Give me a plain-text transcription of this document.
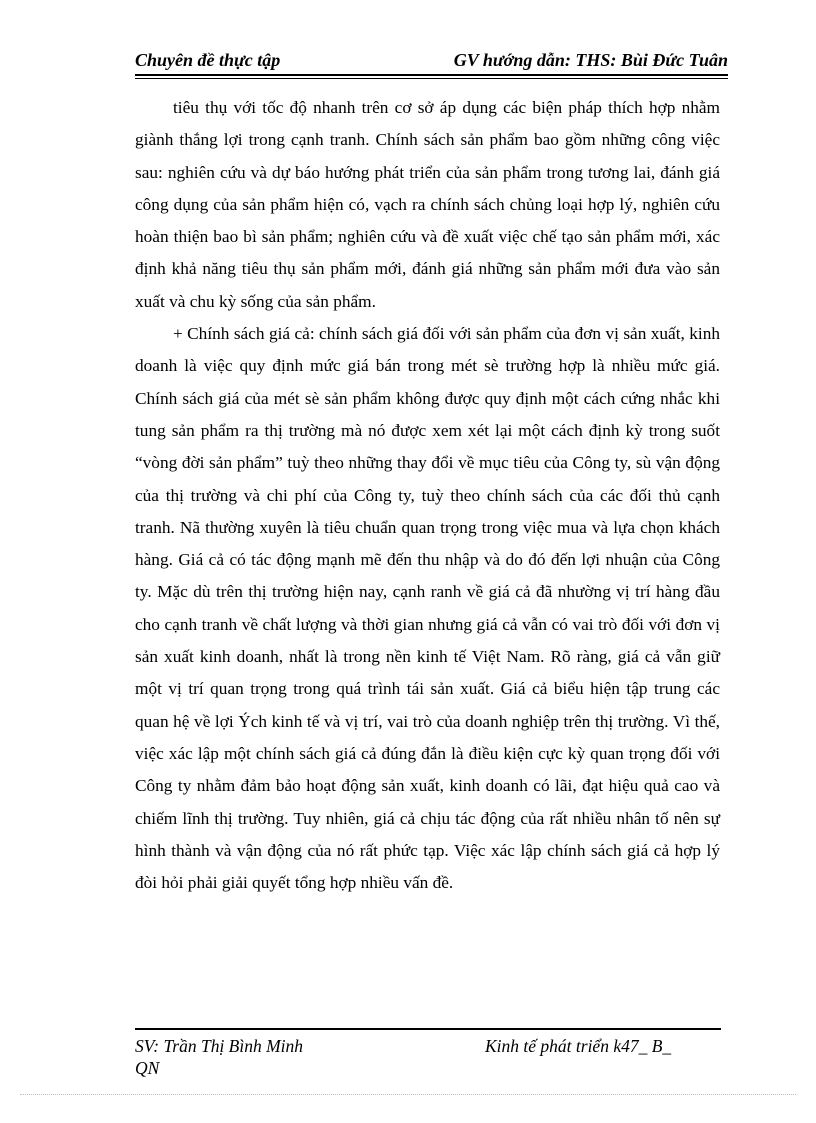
Chuyên đề thực tập	GV hướng dẫn: THS: Bùi Đức Tuân

tiêu thụ với tốc độ nhanh trên cơ sở áp dụng các biện pháp thích hợp nhằm giành thắng lợi trong cạnh tranh. Chính sách sản phẩm bao gồm những công việc sau: nghiên cứu và dự báo hướng phát triển của sản phẩm trong tương lai, đánh giá công dụng của sản phẩm hiện có, vạch ra chính sách chủng loại hợp lý, nghiên cứu hoàn thiện bao bì sản phẩm; nghiên cứu và đề xuất việc chế tạo sản phẩm mới, xác định khả năng tiêu thụ sản phẩm mới, đánh giá những sản phẩm mới đưa vào sản xuất và chu kỳ sống của sản phẩm.

+ Chính sách giá cả: chính sách giá đối với sản phẩm của đơn vị sản xuất, kinh doanh là việc quy định mức giá bán trong mét sè trường hợp là nhiều mức giá. Chính sách giá của mét sè sản phẩm không được quy định một cách cứng nhắc khi tung sản phẩm ra thị trường mà nó được xem xét lại một cách định kỳ trong suốt “vòng đời sản phẩm” tuỳ theo những thay đổi về mục tiêu của Công ty, sù vận động của thị trường và chi phí của Công ty, tuỳ theo chính sách của các đối thủ cạnh tranh. Nã thường xuyên là tiêu chuẩn quan trọng trong việc mua và lựa chọn khách hàng. Giá cả có tác động mạnh mẽ đến thu nhập và do đó đến lợi nhuận của Công ty. Mặc dù trên thị trường hiện nay, cạnh ranh về giá cả đã nhường vị trí hàng đầu cho cạnh tranh về chất lượng và thời gian nhưng giá cả vẫn có vai trò đối với đơn vị sản xuất kinh doanh, nhất là trong nền kinh tế Việt Nam. Rõ ràng, giá cả vẫn giữ một vị trí quan trọng trong quá trình tái sản xuất. Giá cả biểu hiện tập trung các quan hệ về lợi Ých kinh tế và vị trí, vai trò của doanh nghiệp trên thị trường. Vì thế, việc xác lập một chính sách giá cả đúng đắn là điều kiện cực kỳ quan trọng đối với Công ty nhằm đảm bảo hoạt động sản xuất, kinh doanh có lãi, đạt hiệu quả cao và chiếm lĩnh thị trường. Tuy nhiên, giá cả chịu tác động của rất nhiều nhân tố nên sự hình thành và vận động của nó rất phức tạp. Việc xác lập chính sách giá cả hợp lý đòi hỏi phải giải quyết tổng hợp nhiều vấn đề.

SV: Trần Thị Bình Minh	Kinh tế phát triển k47_ B_
QN
